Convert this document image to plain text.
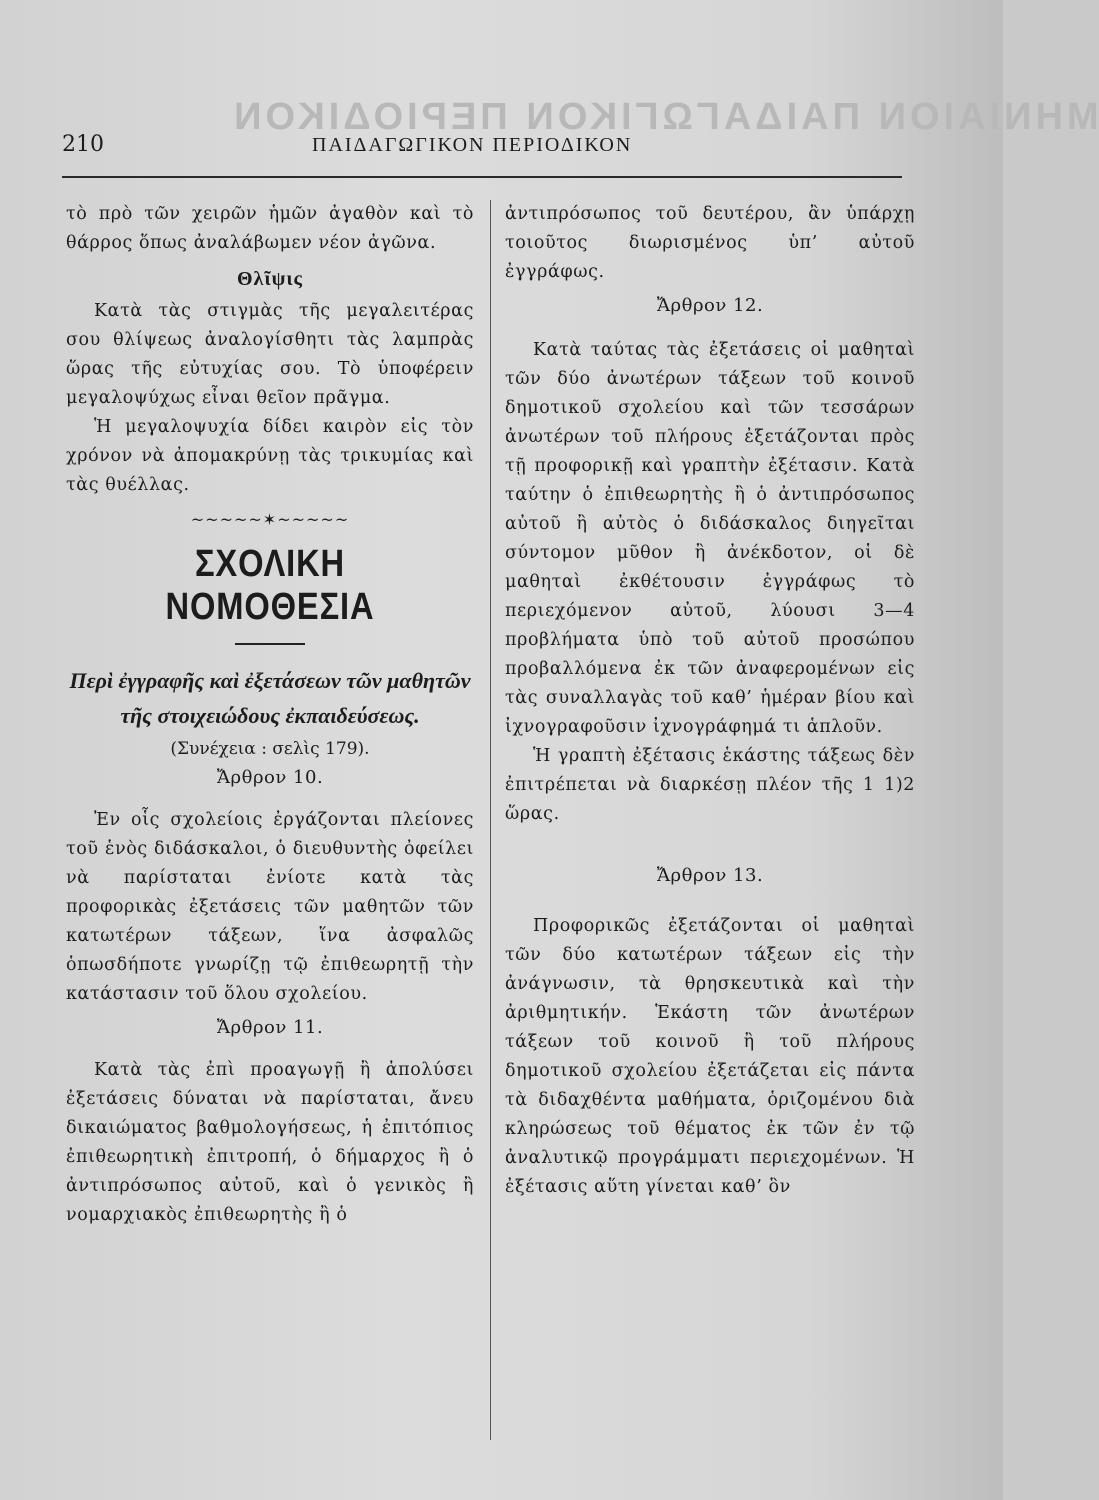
ΜΗΝΙΑΙΟΝ ΠΑΙΔΑΓΩΓΙΚΟΝ ΠΕΡΙΟΔΙΚΟΝ
210	ΠΑΙΔΑΓΩΓΙΚΟΝ ΠΕΡΙΟΔΙΚΟΝ

τὸ πρὸ τῶν χειρῶν ἡμῶν ἀγαθὸν καὶ τὸ θάρρος ὅπως ἀναλάβωμεν νέον ἀγῶνα.

Θλῖψις

Κατὰ τὰς στιγμὰς τῆς μεγαλειτέρας σου θλίψεως ἀναλογίσθητι τὰς λαμπρὰς ὥρας τῆς εὐτυχίας σου. Τὸ ὑποφέρειν μεγαλοψύχως εἶναι θεῖον πρᾶγμα.

Ἡ μεγαλοψυχία δίδει καιρὸν εἰς τὸν χρόνον νὰ ἀπομακρύνῃ τὰς τρικυμίας καὶ τὰς θυέλλας.

~~~~~✶~~~~~
ΣΧΟΛΙΚΗ ΝΟΜΟΘΕΣΙΑ
Περὶ ἐγγραφῆς καὶ ἐξετάσεων τῶν μαθητῶν τῆς στοιχειώδους ἐκπαιδεύσεως.
(Συνέχεια : σελὶς 179).
Ἄρθρον 10.

Ἐν οἷς σχολείοις ἐργάζονται πλείονες τοῦ ἑνὸς διδάσκαλοι, ὁ διευθυντὴς ὀφείλει νὰ παρίσταται ἐνίοτε κατὰ τὰς προφορικὰς ἐξετάσεις τῶν μαθητῶν τῶν κατωτέρων τάξεων, ἵνα ἀσφαλῶς ὁπωσδήποτε γνωρίζῃ τῷ ἐπιθεωρητῇ τὴν κατάστασιν τοῦ ὅλου σχολείου.

Ἄρθρον 11.

Κατὰ τὰς ἐπὶ προαγωγῇ ἢ ἀπολύσει ἐξετάσεις δύναται νὰ παρίσταται, ἄνευ δικαιώματος βαθμολογήσεως, ἡ ἐπιτόπιος ἐπιθεωρητικὴ ἐπιτροπή, ὁ δήμαρχος ἢ ὁ ἀντιπρόσωπος αὐτοῦ, καὶ ὁ γενικὸς ἢ νομαρχιακὸς ἐπιθεωρητὴς ἢ ὁ

ἀντιπρόσωπος τοῦ δευτέρου, ἂν ὑπάρχῃ τοιοῦτος διωρισμένος ὑπ’ αὐτοῦ ἐγγράφως.

Ἄρθρον 12.

Κατὰ ταύτας τὰς ἐξετάσεις οἱ μαθηταὶ τῶν δύο ἀνωτέρων τάξεων τοῦ κοινοῦ δημοτικοῦ σχολείου καὶ τῶν τεσσάρων ἀνωτέρων τοῦ πλήρους ἐξετάζονται πρὸς τῇ προφορικῇ καὶ γραπτὴν ἐξέτασιν. Κατὰ ταύτην ὁ ἐπιθεωρητὴς ἢ ὁ ἀντιπρόσωπος αὐτοῦ ἢ αὐτὸς ὁ διδάσκαλος διηγεῖται σύντομον μῦθον ἢ ἀνέκδοτον, οἱ δὲ μαθηταὶ ἐκθέτουσιν ἐγγράφως τὸ περιεχόμενον αὐτοῦ, λύουσι 3—4 προβλήματα ὑπὸ τοῦ αὐτοῦ προσώπου προβαλλόμενα ἐκ τῶν ἀναφερομένων εἰς τὰς συναλλαγὰς τοῦ καθ’ ἡμέραν βίου καὶ ἰχνογραφοῦσιν ἰχνογράφημά τι ἁπλοῦν.

Ἡ γραπτὴ ἐξέτασις ἑκάστης τάξεως δὲν ἐπιτρέπεται νὰ διαρκέσῃ πλέον τῆς 1 1)2 ὥρας.

Ἄρθρον 13.

Προφορικῶς ἐξετάζονται οἱ μαθηταὶ τῶν δύο κατωτέρων τάξεων εἰς τὴν ἀνάγνωσιν, τὰ θρησκευτικὰ καὶ τὴν ἀριθμητικήν. Ἑκάστη τῶν ἀνωτέρων τάξεων τοῦ κοινοῦ ἢ τοῦ πλήρους δημοτικοῦ σχολείου ἐξετάζεται εἰς πάντα τὰ διδαχθέντα μαθήματα, ὁριζομένου διὰ κληρώσεως τοῦ θέματος ἐκ τῶν ἐν τῷ ἀναλυτικῷ προγράμματι περιεχομένων. Ἡ ἐξέτασις αὕτη γίνεται καθ’ ὃν
